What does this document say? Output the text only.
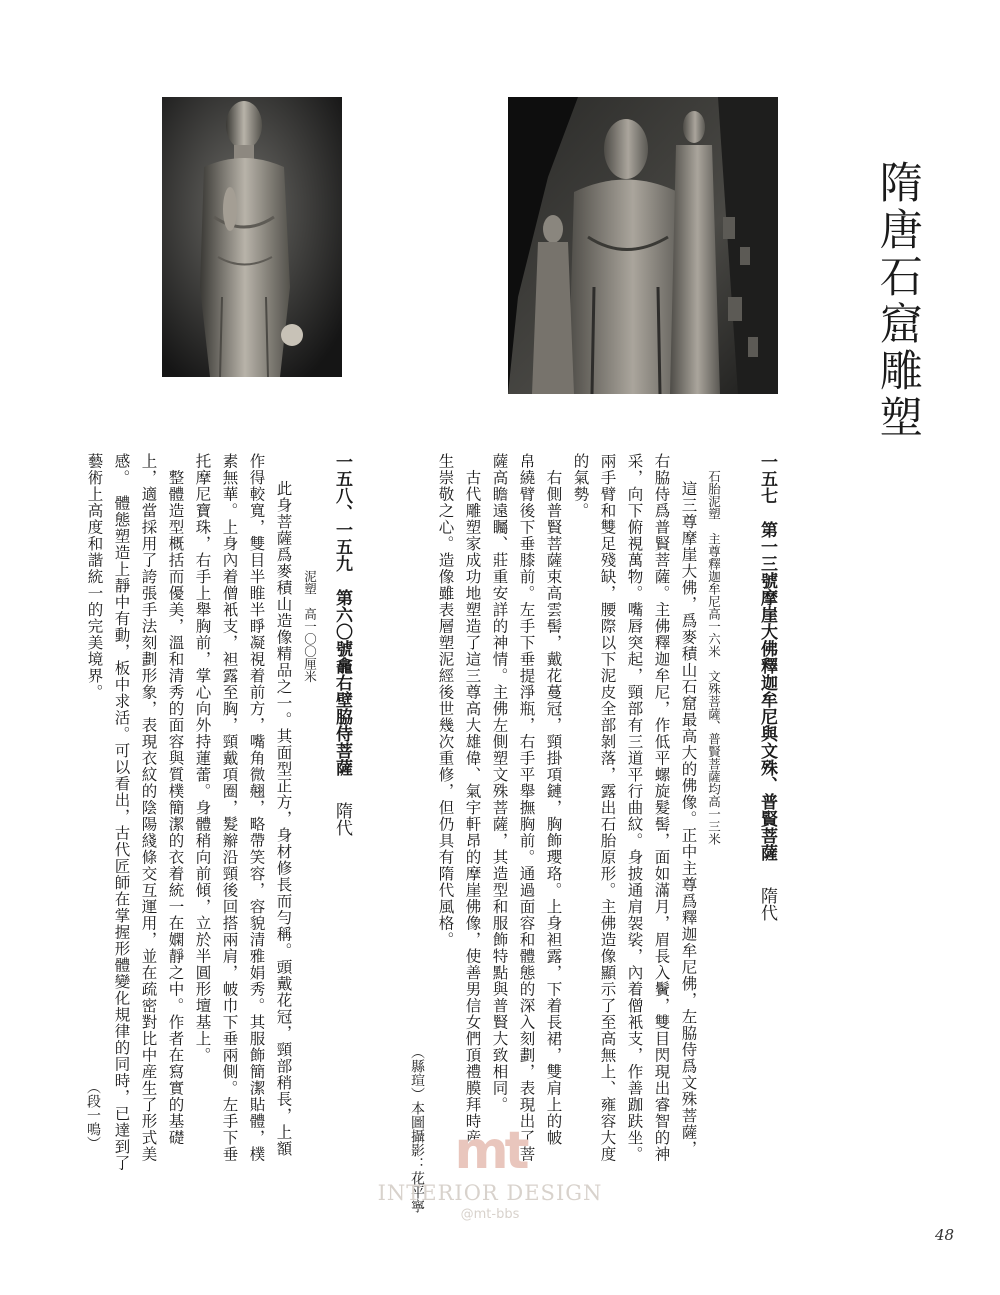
隋唐石窟雕塑
一五七　第一三號摩崖大佛釋迦牟尼與文殊、普賢菩薩隋代
石胎泥塑　主尊釋迦牟尼高一六米　文殊菩薩、普賢菩薩均高一三米
　這三尊摩崖大佛，爲麥積山石窟最高大的佛像。正中主尊爲釋迦牟尼佛，左脇侍爲文殊菩薩，
右脇侍爲普賢菩薩。主佛釋迦牟尼，作低平螺旋髮髻，面如滿月，眉長入鬢，雙目閃現出睿智的神
采，向下俯視萬物。嘴唇突起，頸部有三道平行曲紋。身披通肩袈裟，內着僧衹支，作善跏趺坐。
兩手臂和雙足殘缺，腰際以下泥皮全部剝落，露出石胎原形。主佛造像顯示了至高無上、雍容大度
的氣勢。
　右側普賢菩薩束高雲髻，戴花蔓冠，頸掛項鏈，胸飾瓔珞。上身袒露，下着長裙，雙肩上的帔
帛繞臂後下垂膝前。左手下垂提淨瓶，右手平舉撫胸前。通過面容和體態的深入刻劃，表現出了菩
薩高瞻遠矚、莊重安詳的神情。主佛左側塑文殊菩薩，其造型和服飾特點與普賢大致相同。
　古代雕塑家成功地塑造了這三尊高大雄偉、氣宇軒昂的摩崖佛像，使善男信女們頂禮膜拜時産
生崇敬之心。造像雖表層塑泥經後世幾次重修，但仍具有隋代風格。
（縣瑄）本圖攝影：花平寧
一五八、一五九　第六〇號龕右壁脇侍菩薩隋代
泥塑　高一〇〇厘米
　此身菩薩爲麥積山造像精品之一。其面型正方，身材修長而勻稱。頭戴花冠，頸部稍長，上額
作得較寬，雙目半睢半睜凝視着前方，嘴角微翹，略帶笑容，容貌清雅娟秀。其服飾簡潔貼體，樸
素無華。上身內着僧衹支，袒露至胸，頸戴項圈，髮辮沿頸後回搭兩肩，帔巾下垂兩側。左手下垂
托摩尼寶珠，右手上舉胸前，掌心向外持蓮蕾。身體稍向前傾，立於半圓形壇基上。
　整體造型概括而優美，溫和清秀的面容與質樸簡潔的衣着統一在嫻靜之中。作者在寫實的基礎
上，適當採用了誇張手法刻劃形象，表現衣紋的陰陽綫條交互運用，並在疏密對比中産生了形式美
感。　體態塑造上靜中有動，板中求活。可以看出，古代匠師在掌握形體變化規律的同時，已達到了
藝術上高度和諧統一的完美境界。
（段一鳴）
mt
INTERIOR DESIGN
@mt-bbs
48
